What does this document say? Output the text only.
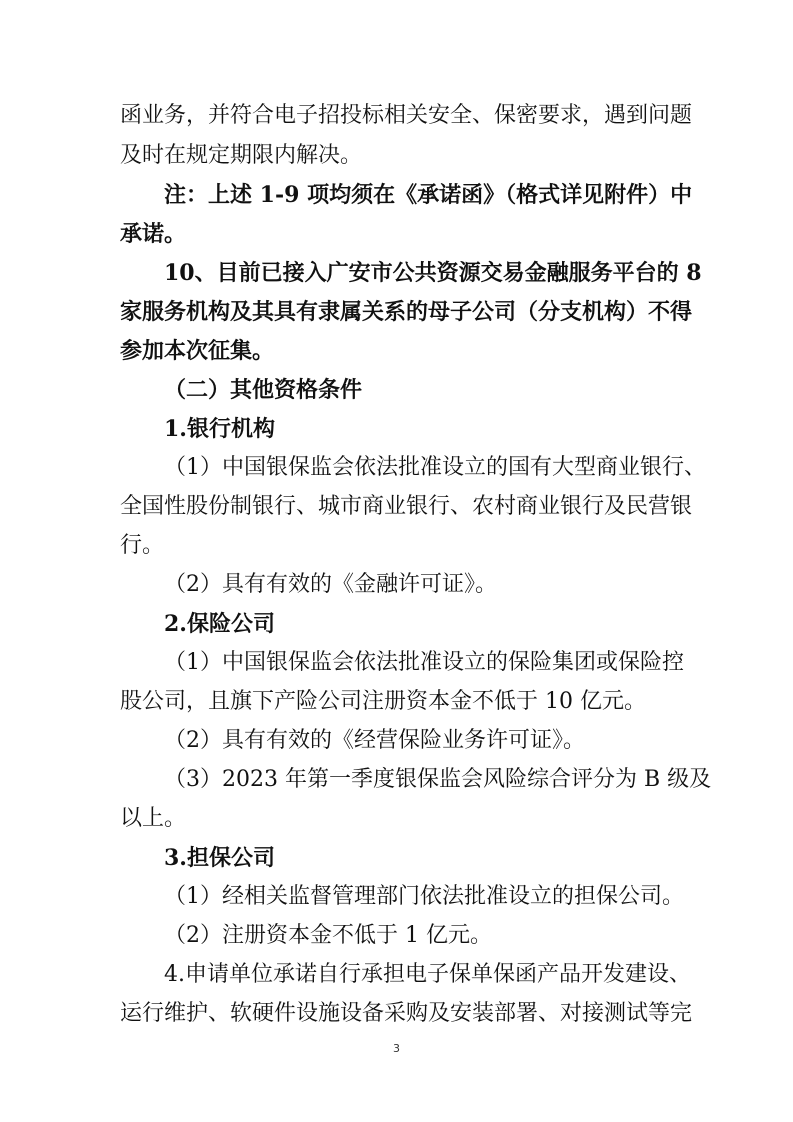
函业务，并符合电子招投标相关安全、保密要求，遇到问题
及时在规定期限内解决。
注：上述 1-9 项均须在《承诺函》（格式详见附件）中
承诺。
10、目前已接入广安市公共资源交易金融服务平台的 8
家服务机构及其具有隶属关系的母子公司（分支机构）不得
参加本次征集。
（二）其他资格条件
1.银行机构
（1）中国银保监会依法批准设立的国有大型商业银行、
全国性股份制银行、城市商业银行、农村商业银行及民营银
行。
（2）具有有效的《金融许可证》。
2.保险公司
（1）中国银保监会依法批准设立的保险集团或保险控
股公司，且旗下产险公司注册资本金不低于 10 亿元。
（2）具有有效的《经营保险业务许可证》。
（3）2023 年第一季度银保监会风险综合评分为 B 级及
以上。
3.担保公司
（1）经相关监督管理部门依法批准设立的担保公司。
（2）注册资本金不低于 1 亿元。
4.申请单位承诺自行承担电子保单保函产品开发建设、
运行维护、软硬件设施设备采购及安装部署、对接测试等完
3
